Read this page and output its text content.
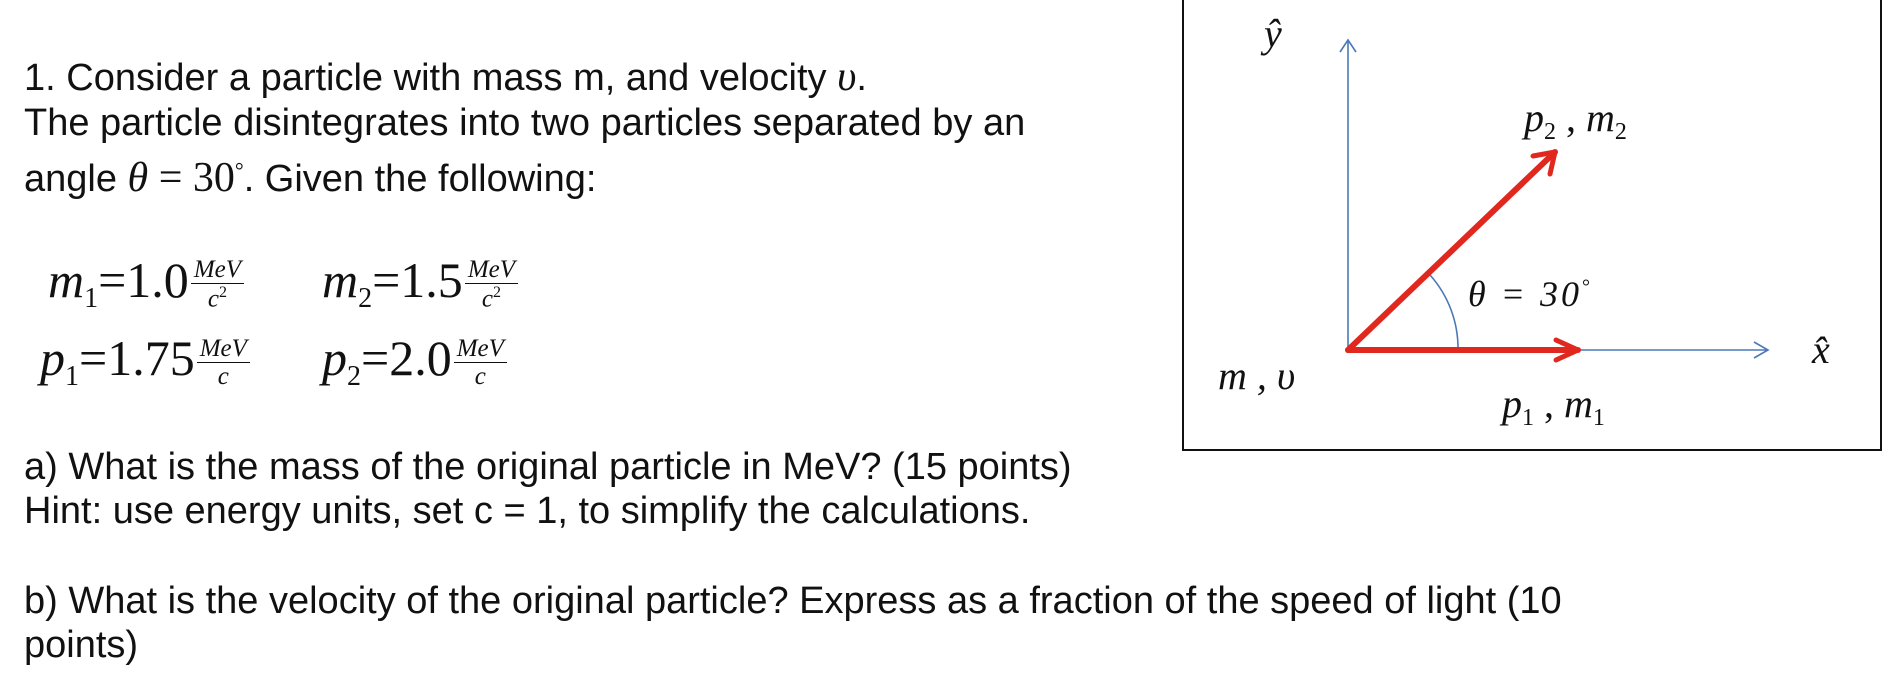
1. Consider a particle with mass m, and velocity υ.
The particle disintegrates into two particles separated by an
angle θ = 30°. Given the following:
$m_1=1.0 \frac{\text{MeV}}{c^2} m_2=1.5 \frac{\text{MeV}}{c^2}$
$p_1=1.75 \frac{\text{MeV}}{c} p_2=2.0 \frac{\text{MeV}}{c}$
a) What is the mass of the original particle in MeV? (15 points)
Hint: use energy units, set c = 1, to simplify the calculations.
b) What is the velocity of the original particle? Express as a fraction of the speed of light (10
points)
ŷ
x̂
m , υ
$p_2$ , $m_2$
$p_1$ , $m_1$
θ = 30°
